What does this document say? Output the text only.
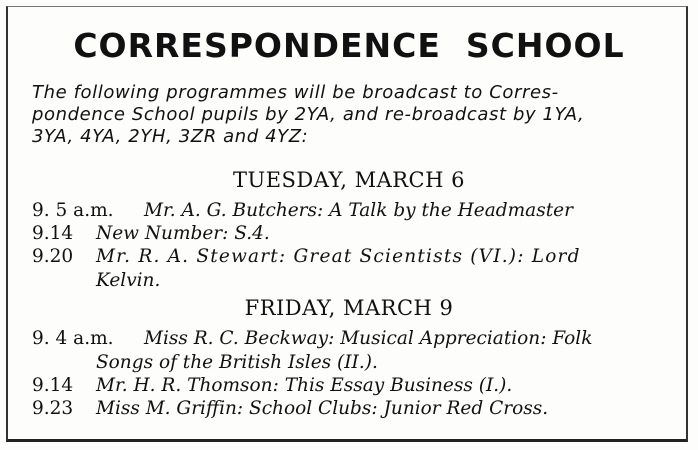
CORRESPONDENCE  SCHOOL
The following programmes will be broadcast to Corres-
pondence School pupils by 2YA, and re-broadcast by 1YA,
3YA, 4YA, 2YH, 3ZR and 4YZ:
TUESDAY, MARCH 6
9. 5 a.m. Mr. A. G. Butchers: A Talk by the Headmaster
9.14 New Number: S.4.
9.20 Mr. R. A. Stewart: Great Scientists (VI.): Lord
Kelvin.
FRIDAY, MARCH 9
9. 4 a.m. Miss R. C. Beckway: Musical Appreciation: Folk
Songs of the British Isles (II.).
9.14 Mr. H. R. Thomson: This Essay Business (I.).
9.23 Miss M. Griffin: School Clubs: Junior Red Cross.
